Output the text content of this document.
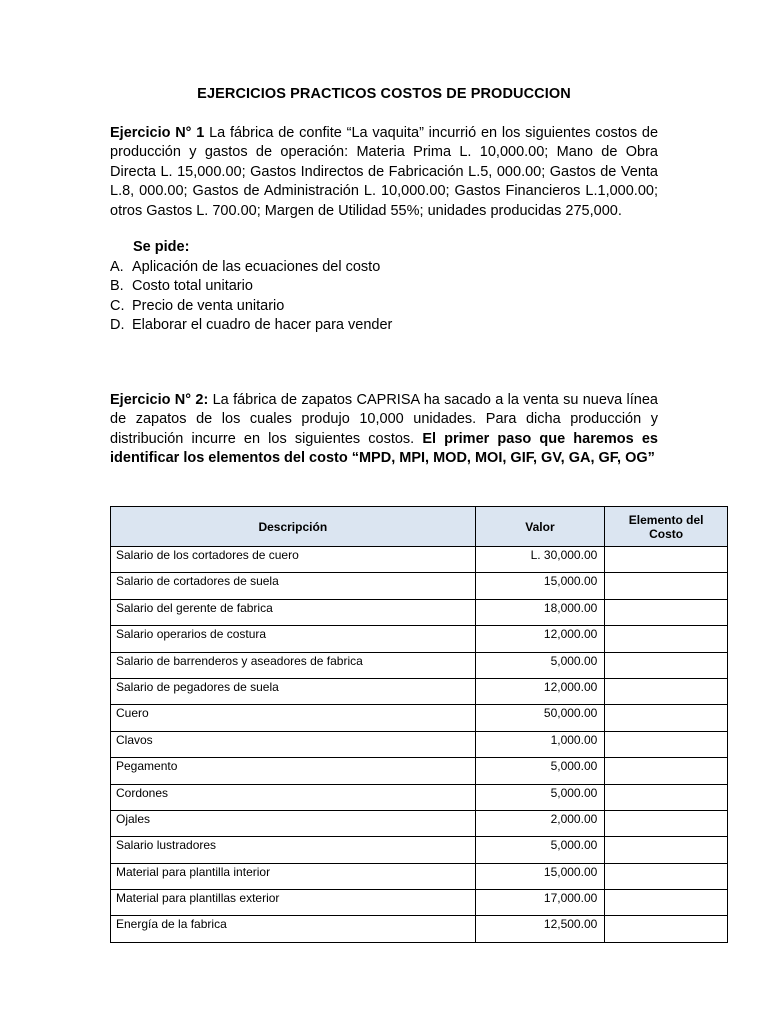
EJERCICIOS PRACTICOS COSTOS DE PRODUCCION
Ejercicio N° 1 La fábrica de confite “La vaquita” incurrió en los siguientes costos de producción y gastos de operación: Materia Prima L. 10,000.00; Mano de Obra Directa L. 15,000.00; Gastos Indirectos de Fabricación L.5, 000.00; Gastos de Venta L.8, 000.00; Gastos de Administración L. 10,000.00; Gastos Financieros L.1,000.00; otros Gastos L. 700.00; Margen de Utilidad 55%; unidades producidas 275,000.
Se pide:
A. Aplicación de las ecuaciones del costo
B. Costo total unitario
C. Precio de venta unitario
D. Elaborar el cuadro de hacer para vender
Ejercicio N° 2: La fábrica de zapatos CAPRISA ha sacado a la venta su nueva línea de zapatos de los cuales produjo 10,000 unidades. Para dicha producción y distribución incurre en los siguientes costos. El primer paso que haremos es identificar los elementos del costo “MPD, MPI, MOD, MOI, GIF, GV, GA, GF, OG”
Descripción	Valor	Elemento del
Costo

Salario de los cortadores de cuero	L. 30,000.00	
Salario de cortadores de suela	15,000.00	
Salario del gerente de fabrica	18,000.00	
Salario operarios de costura	12,000.00	
Salario de barrenderos y aseadores de fabrica	5,000.00	
Salario de pegadores de suela	12,000.00	
Cuero	50,000.00	
Clavos	1,000.00	
Pegamento	5,000.00	
Cordones	5,000.00	
Ojales	2,000.00	
Salario lustradores	5,000.00	
Material para plantilla interior	15,000.00	
Material para plantillas exterior	17,000.00	
Energía de la fabrica	12,500.00	
